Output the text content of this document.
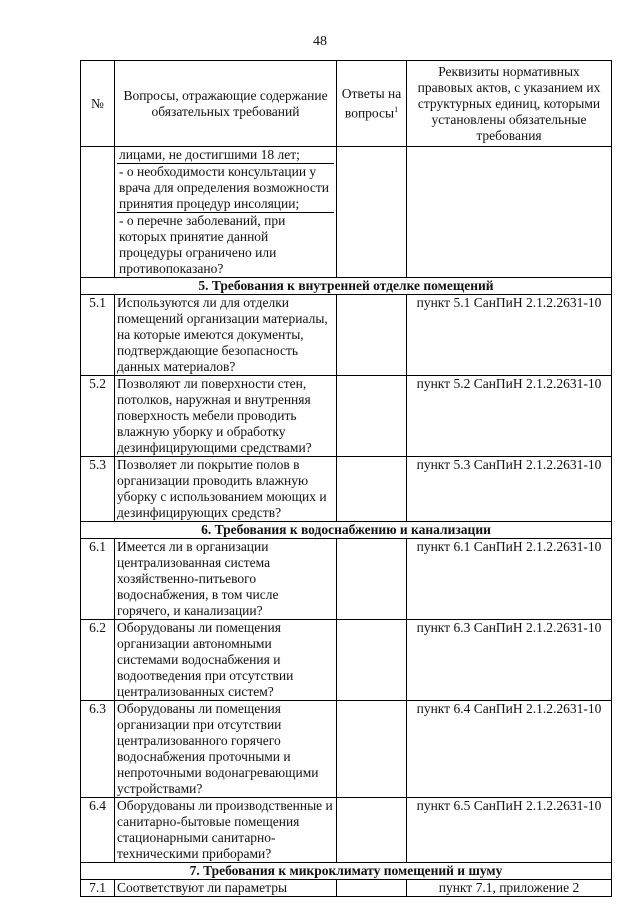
48
№	Вопросы, отражающие содержание обязательных требований	Ответы на вопросы$^1$	Реквизиты нормативных правовых актов, с указанием их структурных единиц, которыми установлены обязательные требования

	лицами, не достигшими 18 лет;
- о необходимости консультации у врача для определения возможности принятия процедур инсоляции;
- о перечне заболеваний, при которых принятие данной процедуры ограничено или противопоказано?		

5. Требования к внутренней отделке помещений			
5.1	Используются ли для отделки помещений организации материалы, на которые имеются документы, подтверждающие безопасность данных материалов?		пункт 5.1 СанПиН 2.1.2.2631-10
5.2	Позволяют ли поверхности стен, потолков, наружная и внутренняя поверхность мебели проводить влажную уборку и обработку дезинфицирующими средствами?		пункт 5.2 СанПиН 2.1.2.2631-10
5.3	Позволяет ли покрытие полов в организации проводить влажную уборку с использованием моющих и дезинфицирующих средств?		пункт 5.3 СанПиН 2.1.2.2631-10
6. Требования к водоснабжению и канализации			
6.1	Имеется ли в организации централизованная система хозяйственно-питьевого водоснабжения, в том числе горячего, и канализации?		пункт 6.1 СанПиН 2.1.2.2631-10
6.2	Оборудованы ли помещения организации автономными системами водоснабжения и водоотведения при отсутствии централизованных систем?		пункт 6.3 СанПиН 2.1.2.2631-10
6.3	Оборудованы ли помещения организации при отсутствии централизованного горячего водоснабжения проточными и непроточными водонагревающими устройствами?		пункт 6.4 СанПиН 2.1.2.2631-10
6.4	Оборудованы ли производственные и санитарно-бытовые помещения стационарными санитарно-техническими приборами?		пункт 6.5 СанПиН 2.1.2.2631-10
7. Требования к микроклимату помещений и шуму			
7.1	Соответствуют ли параметры		пункт 7.1, приложение 2
